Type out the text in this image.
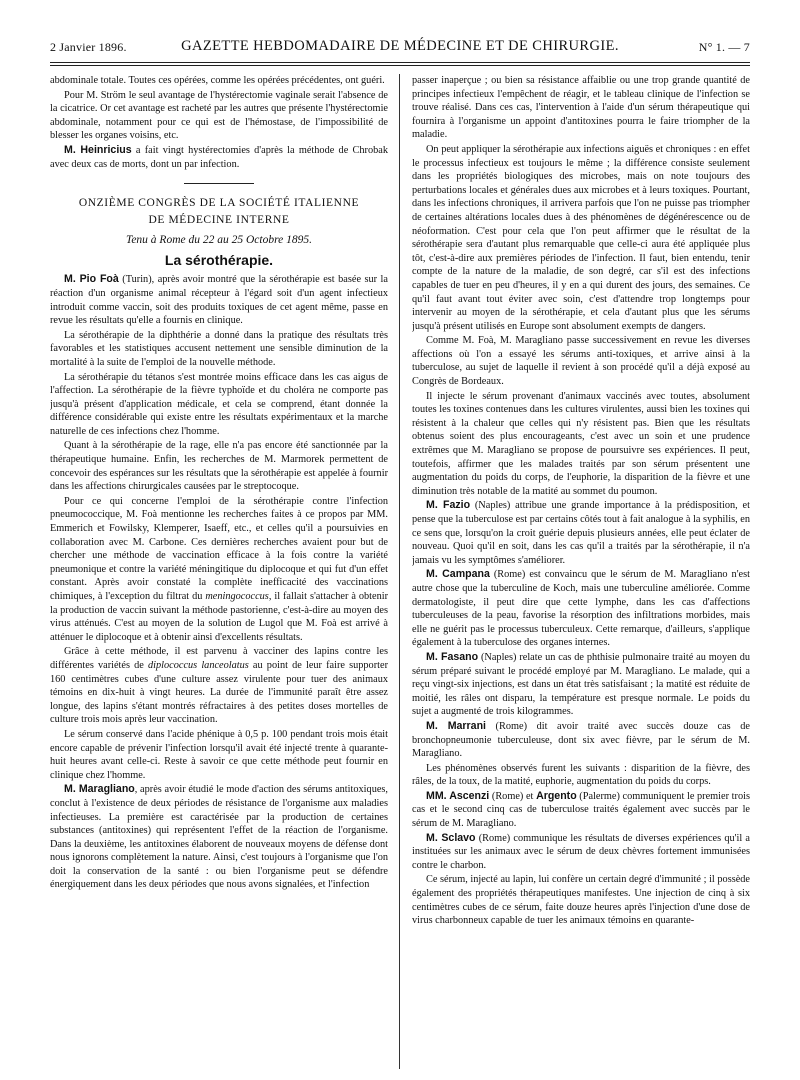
2 Janvier 1896.	GAZETTE HEBDOMADAIRE DE MÉDECINE ET DE CHIRURGIE.	N° 1. — 7

abdominale totale. Toutes ces opérées, comme les opérées précédentes, ont guéri.

Pour M. Ström le seul avantage de l'hystérectomie vaginale serait l'absence de la cicatrice. Or cet avantage est racheté par les autres que présente l'hystérectomie abdominale, notamment pour ce qui est de l'hémostase, de l'impossibilité de blesser les organes voisins, etc.

M. Heinricius a fait vingt hystérectomies d'après la méthode de Chrobak avec deux cas de morts, dont un par infection.

ONZIÈME CONGRÈS DE LA SOCIÉTÉ ITALIENNE
DE MÉDECINE INTERNE
Tenu à Rome du 22 au 25 Octobre 1895.
La sérothérapie.

M. Pio Foà (Turin), après avoir montré que la sérothérapie est basée sur la réaction d'un organisme animal récepteur à l'égard soit d'un agent infectieux introduit comme vaccin, soit des produits toxiques de cet agent même, passe en revue les résultats qu'elle a fournis en clinique.

La sérothérapie de la diphthérie a donné dans la pratique des résultats très favorables et les statistiques accusent nettement une sensible diminution de la mortalité à la suite de l'emploi de la nouvelle méthode.

La sérothérapie du tétanos s'est montrée moins efficace dans les cas aigus de l'affection. La sérothérapie de la fièvre typhoïde et du choléra ne comporte pas jusqu'à présent d'application médicale, et cela se comprend, étant donnée la différence considérable qui existe entre les résultats expérimentaux et la marche naturelle de ces infections chez l'homme.

Quant à la sérothérapie de la rage, elle n'a pas encore été sanctionnée par la thérapeutique humaine. Enfin, les recherches de M. Marmorek permettent de concevoir des espérances sur les résultats que la sérothérapie est appelée à fournir dans les affections chirurgicales causées par le streptocoque.

Pour ce qui concerne l'emploi de la sérothérapie contre l'infection pneumococcique, M. Foà mentionne les recherches faites à ce propos par MM. Emmerich et Fowilsky, Klemperer, Isaeff, etc., et celles qu'il a poursuivies en collaboration avec M. Carbone. Ces dernières recherches avaient pour but de chercher une méthode de vaccination efficace à la fois contre la variété pneumonique et contre la variété méningitique du diplocoque et qui fut d'un effet constant. Après avoir constaté la complète inefficacité des vaccinations chimiques, à l'exception du filtrat du meningococcus, il fallait s'attacher à obtenir la production de vaccin suivant la méthode pastorienne, c'est-à-dire au moyen des virus atténués. C'est au moyen de la solution de Lugol que M. Foà est arrivé à atténuer le diplocoque et à obtenir ainsi d'excellents résultats.

Grâce à cette méthode, il est parvenu à vacciner des lapins contre les différentes variétés de diplococcus lanceolatus au point de leur faire supporter 160 centimètres cubes d'une culture assez virulente pour tuer des animaux témoins en dix-huit à vingt heures. La durée de l'immunité paraît être assez longue, des lapins s'étant montrés réfractaires à des petites doses mortelles de culture trois mois après leur vaccination.

Le sérum conservé dans l'acide phénique à 0,5 p. 100 pendant trois mois était encore capable de prévenir l'infection lorsqu'il avait été injecté trente à quarante-huit heures avant celle-ci. Reste à savoir ce que cette méthode peut fournir en clinique chez l'homme.

M. Maragliano, après avoir étudié le mode d'action des sérums antitoxiques, conclut à l'existence de deux périodes de résistance de l'organisme aux maladies infectieuses. La première est caractérisée par la production de certaines substances (antitoxines) qui représentent l'effet de la réaction de l'organisme. Dans la deuxième, les antitoxines élaborent de nouveaux moyens de défense dont nous ignorons complètement la nature. Ainsi, c'est toujours à l'organisme que l'on doit la conservation de la santé : ou bien l'organisme peut se défendre énergiquement dans les deux périodes que nous avons signalées, et l'infection

passer inaperçue ; ou bien sa résistance affaiblie ou une trop grande quantité de principes infectieux l'empêchent de réagir, et le tableau clinique de l'infection se trouve réalisé. Dans ces cas, l'intervention à l'aide d'un sérum thérapeutique qui fournira à l'organisme un appoint d'antitoxines pourra le faire triompher de la maladie.

On peut appliquer la sérothérapie aux infections aiguës et chroniques : en effet le processus infectieux est toujours le même ; la différence consiste seulement dans les propriétés biologiques des microbes, mais on note toujours des perturbations locales et générales dues aux microbes et à leurs toxiques. Pourtant, dans les infections chroniques, il arrivera parfois que l'on ne puisse pas triompher de certaines altérations locales dues à des phénomènes de dégénérescence ou de néoformation. C'est pour cela que l'on peut affirmer que le résultat de la sérothérapie sera d'autant plus remarquable que celle-ci aura été appliquée plus tôt, c'est-à-dire aux premières périodes de l'infection. Il faut, bien entendu, tenir compte de la nature de la maladie, de son degré, car s'il est des infections capables de tuer en peu d'heures, il y en a qui durent des jours, des semaines. Ce qu'il faut avant tout éviter avec soin, c'est d'attendre trop longtemps pour intervenir au moyen de la sérothérapie, et cela d'autant plus que les sérums jusqu'à présent utilisés en Europe sont absolument exempts de dangers.

Comme M. Foà, M. Maragliano passe successivement en revue les diverses affections où l'on a essayé les sérums anti-toxiques, et arrive ainsi à la tuberculose, au sujet de laquelle il revient à son procédé qu'il a déjà exposé au Congrès de Bordeaux.

Il injecte le sérum provenant d'animaux vaccinés avec toutes, absolument toutes les toxines contenues dans les cultures virulentes, aussi bien les toxines qui résistent à la chaleur que celles qui n'y résistent pas. Bien que les résultats obtenus soient des plus encourageants, c'est avec un soin et une prudence extrêmes que M. Maragliano se propose de poursuivre ses expériences. Il peut, toutefois, affirmer que les malades traités par son sérum présentent une augmentation du poids du corps, de l'euphorie, la disparition de la fièvre et une diminution très notable de la matité au sommet du poumon.

M. Fazio (Naples) attribue une grande importance à la prédisposition, et pense que la tuberculose est par certains côtés tout à fait analogue à la syphilis, en ce sens que, lorsqu'on la croit guérie depuis plusieurs années, elle peut éclater de nouveau. Quoi qu'il en soit, dans les cas qu'il a traités par la sérothérapie, il n'a jamais vu les symptômes s'améliorer.

M. Campana (Rome) est convaincu que le sérum de M. Maragliano n'est autre chose que la tuberculine de Koch, mais une tuberculine améliorée. Comme dermatologiste, il peut dire que cette lymphe, dans les cas d'affections tuberculeuses de la peau, favorise la résorption des infiltrations morbides, mais elle ne guérit pas le processus tuberculeux. Cette remarque, d'ailleurs, s'applique également à la tuberculose des organes internes.

M. Fasano (Naples) relate un cas de phthisie pulmonaire traité au moyen du sérum préparé suivant le procédé employé par M. Maragliano. Le malade, qui a reçu vingt-six injections, est dans un état très satisfaisant ; la matité est réduite de moitié, les râles ont disparu, la température est presque normale. Le poids du sujet a augmenté de trois kilogrammes.

M. Marrani (Rome) dit avoir traité avec succès douze cas de bronchopneumonie tuberculeuse, dont six avec fièvre, par le sérum de M. Maragliano.

Les phénomènes observés furent les suivants : disparition de la fièvre, des râles, de la toux, de la matité, euphorie, augmentation du poids du corps.

MM. Ascenzi (Rome) et Argento (Palerme) communiquent le premier trois cas et le second cinq cas de tuberculose traités également avec succès par le sérum de M. Maragliano.

M. Sclavo (Rome) communique les résultats de diverses expériences qu'il a instituées sur les animaux avec le sérum de deux chèvres fortement immunisées contre le charbon.

Ce sérum, injecté au lapin, lui confère un certain degré d'immunité ; il possède également des propriétés thérapeutiques manifestes. Une injection de cinq à six centimètres cubes de ce sérum, faite douze heures après l'injection d'une dose de virus charbonneux capable de tuer les animaux témoins en quarante-
